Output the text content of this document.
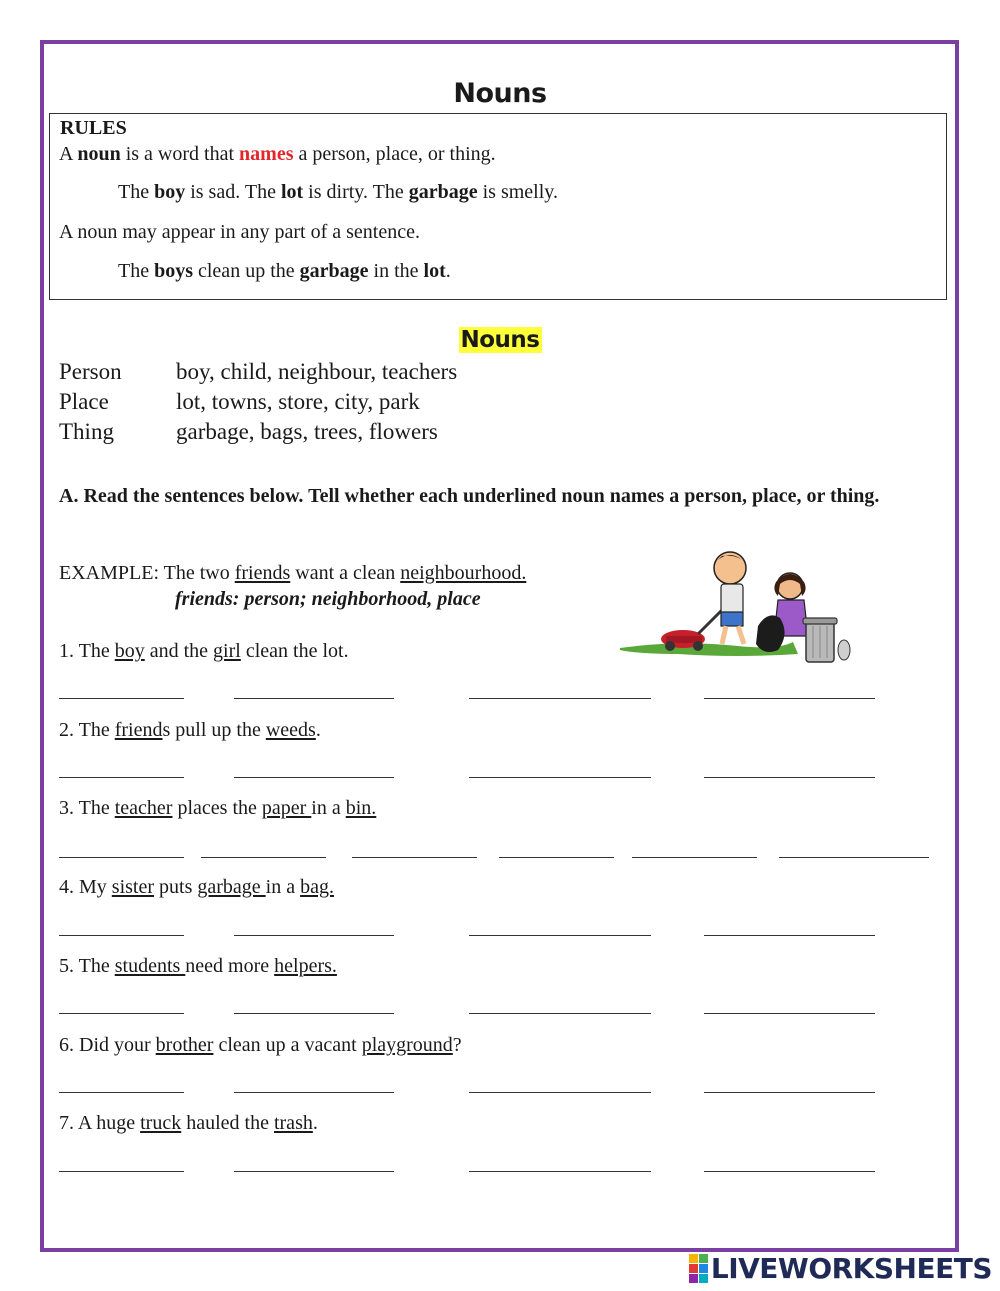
Nouns
RULES
A noun is a word that names a person, place, or thing.
The boy is sad. The lot is dirty. The garbage is smelly.
A noun may appear in any part of a sentence.
The boys clean up the garbage in the lot.
Nouns
Person boy, child, neighbour, teachers
Place	lot, towns, store, city, park
Thing	garbage, bags, trees, flowers
A. Read the sentences below. Tell whether each underlined noun names a person, place, or thing.
EXAMPLE: The two friends want a clean neighbourhood.
friends: person; neighborhood, place
1. The boy and the girl clean the lot.
2. The friends pull up the weeds.
3. The teacher places the paper in a bin.
4. My sister puts garbage in a bag.
5. The students need more helpers.
6. Did your brother clean up a vacant playground?
7. A huge truck hauled the trash.
LIVEWORKSHEETS
